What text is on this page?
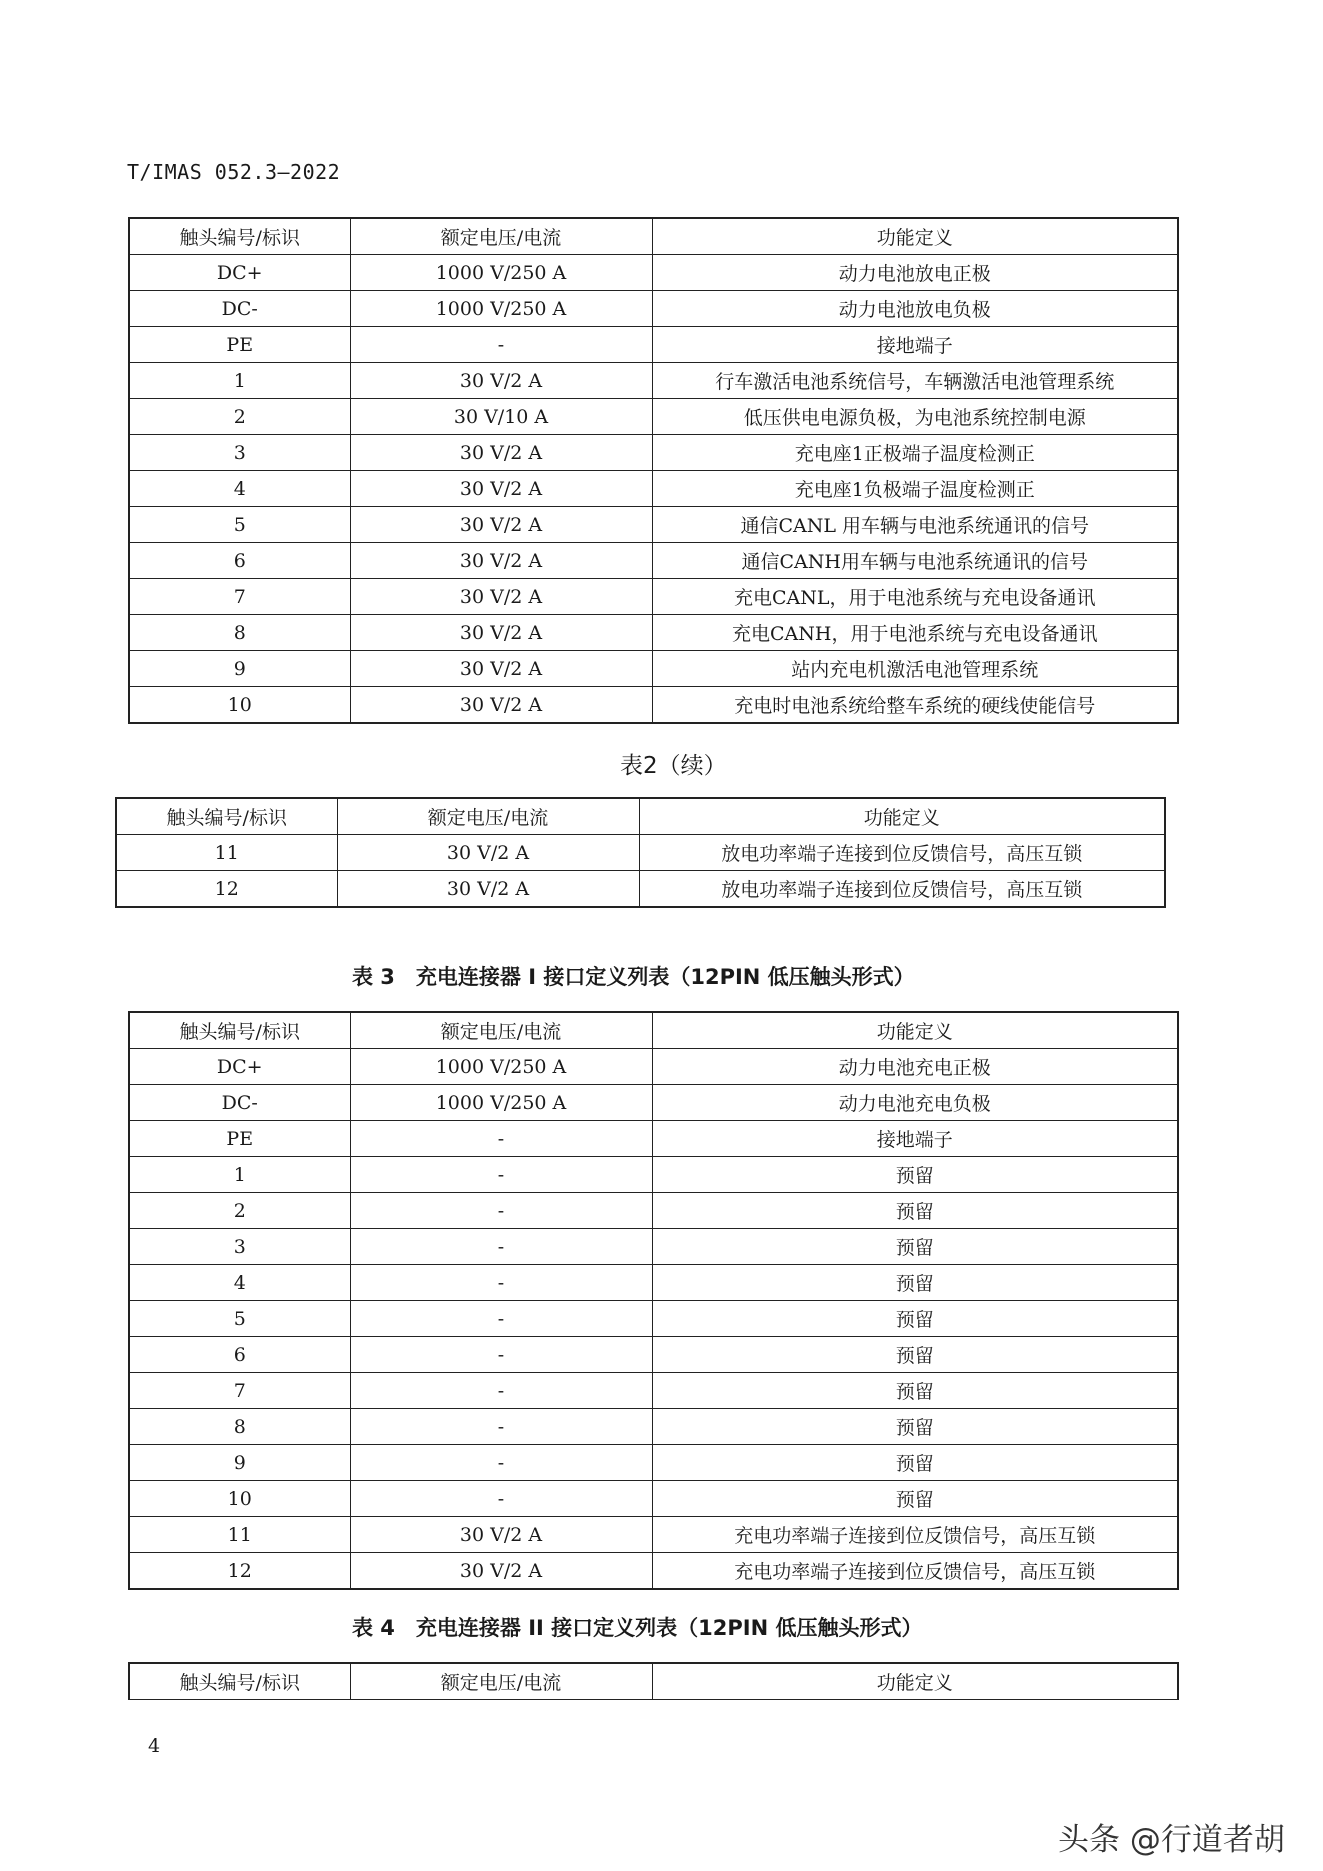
T/IMAS 052.3—2022
触头编号/标识	额定电压/电流	功能定义
DC+	1000 V/250 A	动力电池放电正极
DC-	1000 V/250 A	动力电池放电负极
PE	-	接地端子
1	30 V/2 A	行车激活电池系统信号，车辆激活电池管理系统
2	30 V/10 A	低压供电电源负极，为电池系统控制电源
3	30 V/2 A	充电座1正极端子温度检测正
4	30 V/2 A	充电座1负极端子温度检测正
5	30 V/2 A	通信CANL 用车辆与电池系统通讯的信号
6	30 V/2 A	通信CANH用车辆与电池系统通讯的信号
7	30 V/2 A	充电CANL，用于电池系统与充电设备通讯
8	30 V/2 A	充电CANH，用于电池系统与充电设备通讯
9	30 V/2 A	站内充电机激活电池管理系统
10	30 V/2 A	充电时电池系统给整车系统的硬线使能信号
表2（续）
触头编号/标识	额定电压/电流	功能定义
11	30 V/2 A	放电功率端子连接到位反馈信号，高压互锁
12	30 V/2 A	放电功率端子连接到位反馈信号，高压互锁
表 3　充电连接器 I 接口定义列表（12PIN 低压触头形式）
触头编号/标识	额定电压/电流	功能定义
DC+	1000 V/250 A	动力电池充电正极
DC-	1000 V/250 A	动力电池充电负极
PE	-	接地端子
1	-	预留
2	-	预留
3	-	预留
4	-	预留
5	-	预留
6	-	预留
7	-	预留
8	-	预留
9	-	预留
10	-	预留
11	30 V/2 A	充电功率端子连接到位反馈信号，高压互锁
12	30 V/2 A	充电功率端子连接到位反馈信号，高压互锁
表 4　充电连接器 II 接口定义列表（12PIN 低压触头形式）
触头编号/标识	额定电压/电流	功能定义
4
头条 @行道者胡
